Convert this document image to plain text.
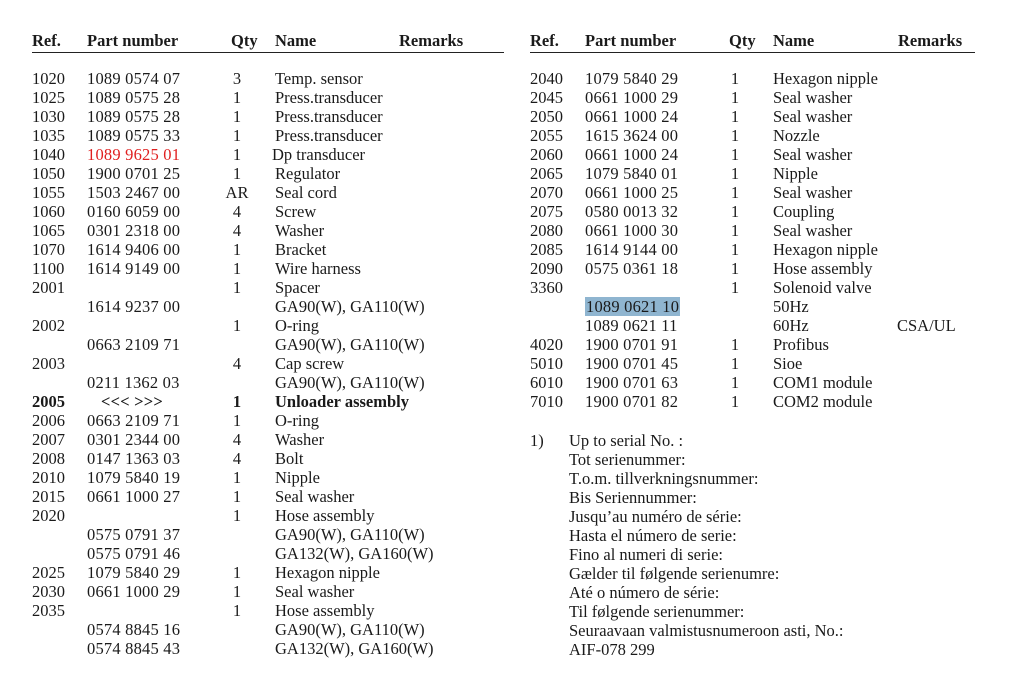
Ref. Part number	Qty Name	Remarks
1020 1089 0574 07	3 Temp. sensor
1025 1089 0575 28	1 Press.transducer
1030 1089 0575 28	1 Press.transducer
1035 1089 0575 33	1 Press.transducer
1040 1089 9625 01	1 Dp transducer
1050 1900 0701 25	1 Regulator
1055 1503 2467 00	AR Seal cord
1060 0160 6059 00	4 Screw
1065 0301 2318 00	4 Washer
1070 1614 9406 00	1 Bracket
1100 1614 9149 00	1 Wire harness
2001	1 Spacer
1614 9237 00	GA90(W), GA110(W)
2002	1 O-ring
0663 2109 71	GA90(W), GA110(W)
2003	4 Cap screw
0211 1362 03	GA90(W), GA110(W)
2005 <<< >>>	1 Unloader assembly
2006 0663 2109 71	1 O-ring
2007 0301 2344 00	4 Washer
2008 0147 1363 03	4 Bolt
2010 1079 5840 19	1 Nipple
2015 0661 1000 27	1 Seal washer
2020	1 Hose assembly
0575 0791 37	GA90(W), GA110(W)
0575 0791 46	GA132(W), GA160(W)
2025 1079 5840 29	1 Hexagon nipple
2030 0661 1000 29	1 Seal washer
2035	1 Hose assembly
0574 8845 16	GA90(W), GA110(W)
0574 8845 43	GA132(W), GA160(W)
Ref. Part number	Qty Name	Remarks
2040 1079 5840 29	1 Hexagon nipple
2045 0661 1000 29	1 Seal washer
2050 0661 1000 24	1 Seal washer
2055 1615 3624 00	1 Nozzle
2060 0661 1000 24	1 Seal washer
2065 1079 5840 01	1 Nipple
2070 0661 1000 25	1 Seal washer
2075 0580 0013 32	1 Coupling
2080 0661 1000 30	1 Seal washer
2085 1614 9144 00	1 Hexagon nipple
2090 0575 0361 18	1 Hose assembly
3360	1 Solenoid valve
1089 0621 10	50Hz
1089 0621 11	60Hz	CSA/UL
4020 1900 0701 91	1 Profibus
5010 1900 0701 45	1 Sioe
6010 1900 0701 63	1 COM1 module
7010 1900 0701 82	1 COM2 module
1) Up to serial No. :
Tot serienummer:
T.o.m. tillverkningsnummer:
Bis Seriennummer:
Jusqu’au numéro de série:
Hasta el número de serie:
Fino al numeri di serie:
Gælder til følgende serienumre:
Até o número de série:
Til følgende serienummer:
Seuraavaan valmistusnumeroon asti, No.:
AIF-078 299
